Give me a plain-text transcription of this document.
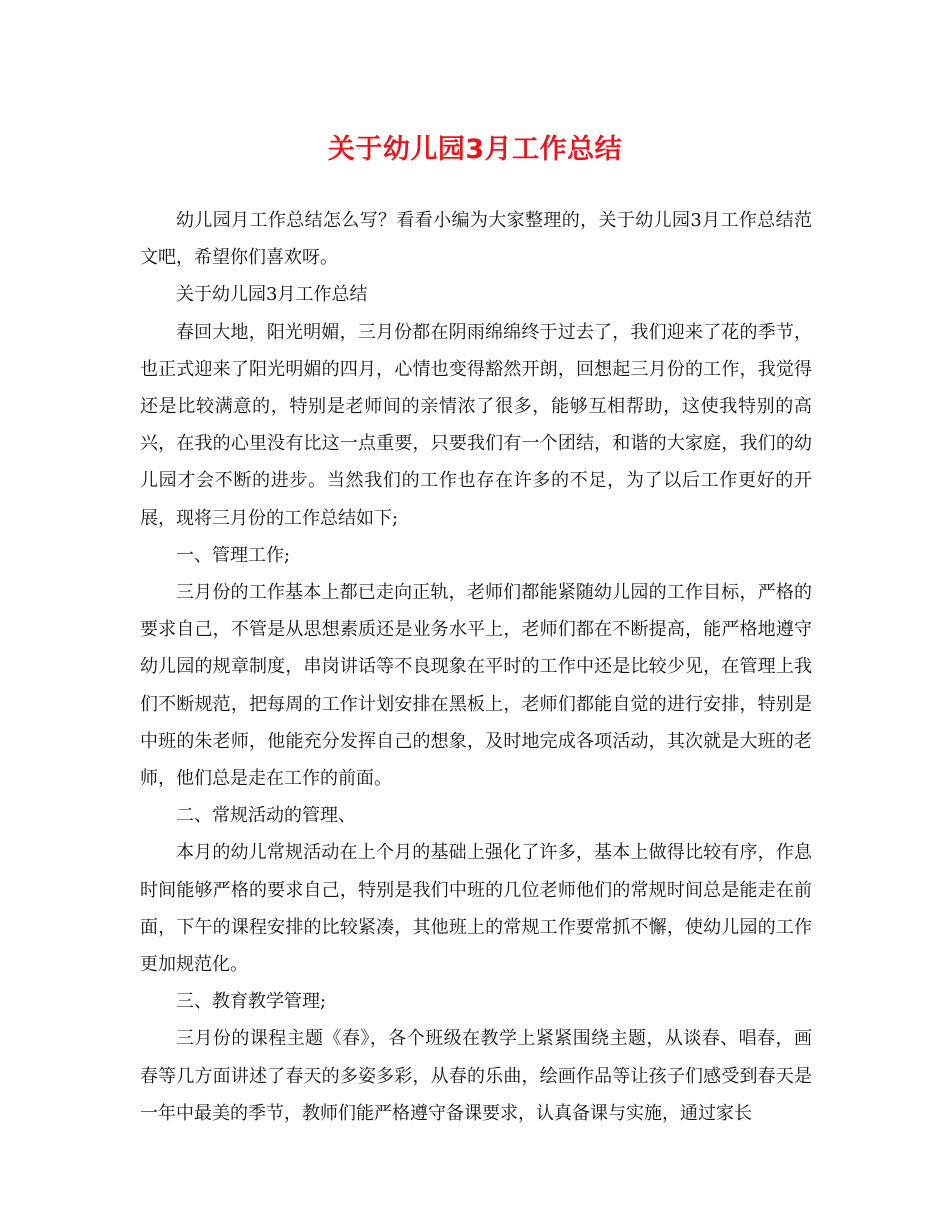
关于幼儿园3月工作总结

幼儿园月工作总结怎么写？看看小编为大家整理的，关于幼儿园3月工作总结范文吧，希望你们喜欢呀。

关于幼儿园3月工作总结

春回大地，阳光明媚，三月份都在阴雨绵绵终于过去了，我们迎来了花的季节，也正式迎来了阳光明媚的四月，心情也变得豁然开朗，回想起三月份的工作，我觉得还是比较满意的，特别是老师间的亲情浓了很多，能够互相帮助，这使我特别的高兴，在我的心里没有比这一点重要，只要我们有一个团结，和谐的大家庭，我们的幼儿园才会不断的进步。当然我们的工作也存在许多的不足，为了以后工作更好的开展，现将三月份的工作总结如下;

一、管理工作;

三月份的工作基本上都已走向正轨，老师们都能紧随幼儿园的工作目标，严格的要求自己，不管是从思想素质还是业务水平上，老师们都在不断提高，能严格地遵守幼儿园的规章制度，串岗讲话等不良现象在平时的工作中还是比较少见，在管理上我们不断规范，把每周的工作计划安排在黑板上，老师们都能自觉的进行安排，特别是中班的朱老师，他能充分发挥自己的想象，及时地完成各项活动，其次就是大班的老师，他们总是走在工作的前面。

二、常规活动的管理、

本月的幼儿常规活动在上个月的基础上强化了许多，基本上做得比较有序，作息时间能够严格的要求自己，特别是我们中班的几位老师他们的常规时间总是能走在前面，下午的课程安排的比较紧凑，其他班上的常规工作要常抓不懈，使幼儿园的工作更加规范化。

三、教育教学管理;

三月份的课程主题《春》，各个班级在教学上紧紧围绕主题，从谈春、唱春，画春等几方面讲述了春天的多姿多彩，从春的乐曲，绘画作品等让孩子们感受到春天是一年中最美的季节，教师们能严格遵守备课要求，认真备课与实施，通过家长
